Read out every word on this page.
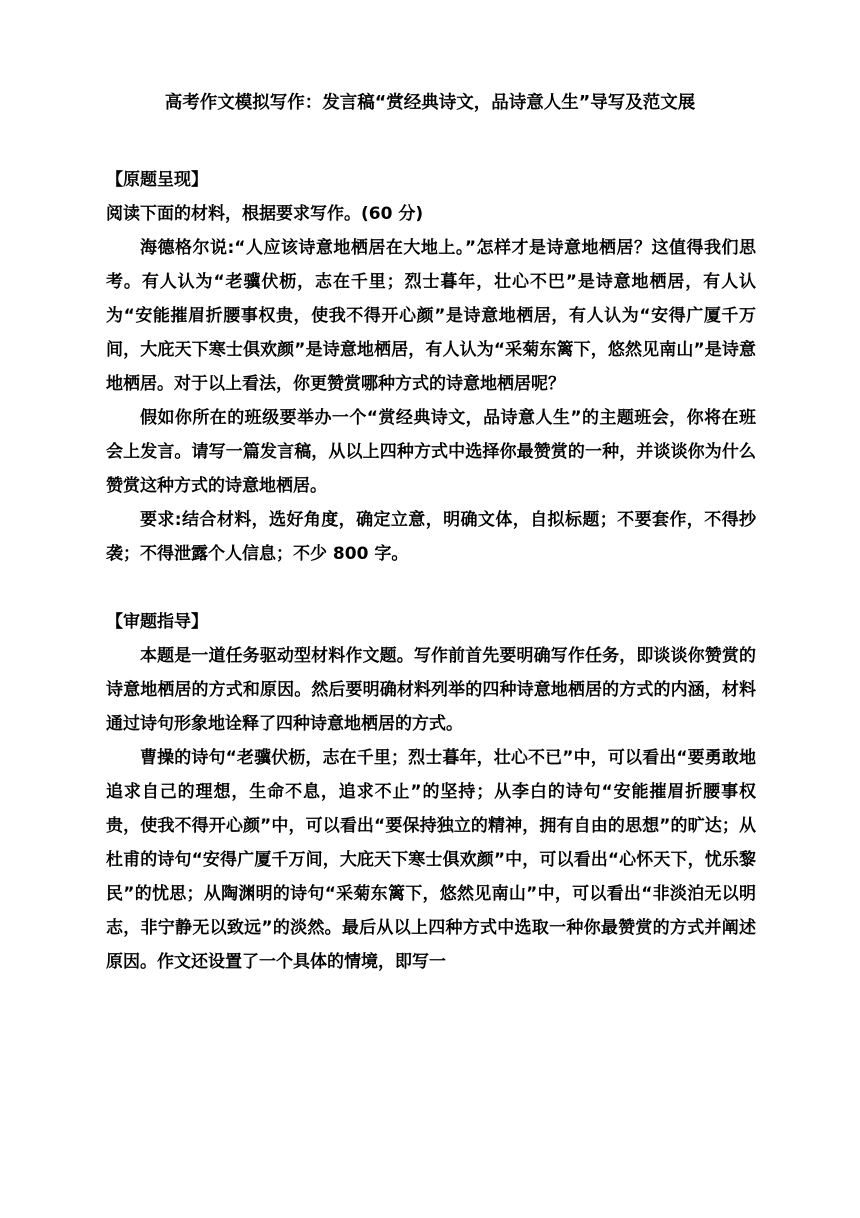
高考作文模拟写作：发言稿“赏经典诗文，品诗意人生”导写及范文展

【原题呈现】

阅读下面的材料，根据要求写作。(60 分)

海德格尔说:“人应该诗意地栖居在大地上。”怎样才是诗意地栖居？这值得我们思考。有人认为“老骥伏枥，志在千里；烈士暮年，壮心不巴”是诗意地栖居，有人认为“安能摧眉折腰事权贵，使我不得开心颜”是诗意地栖居，有人认为“安得广厦千万间，大庇天下寒士俱欢颜”是诗意地栖居，有人认为“采菊东篱下，悠然见南山”是诗意地栖居。对于以上看法，你更赞赏哪种方式的诗意地栖居呢？

假如你所在的班级要举办一个“赏经典诗文，品诗意人生”的主题班会，你将在班会上发言。请写一篇发言稿，从以上四种方式中选择你最赞赏的一种，并谈谈你为什么赞赏这种方式的诗意地栖居。

要求:结合材料，选好角度，确定立意，明确文体，自拟标题；不要套作，不得抄袭；不得泄露个人信息；不少 800 字。

【审题指导】

本题是一道任务驱动型材料作文题。写作前首先要明确写作任务，即谈谈你赞赏的诗意地栖居的方式和原因。然后要明确材料列举的四种诗意地栖居的方式的内涵，材料通过诗句形象地诠释了四种诗意地栖居的方式。

曹操的诗句“老骥伏枥，志在千里；烈士暮年，壮心不已”中，可以看出“要勇敢地追求自己的理想，生命不息，追求不止”的坚持；从李白的诗句“安能摧眉折腰事权贵，使我不得开心颜”中，可以看出“要保持独立的精神，拥有自由的思想”的旷达；从杜甫的诗句“安得广厦千万间，大庇天下寒士俱欢颜”中，可以看出“心怀天下，忧乐黎民”的忧思；从陶渊明的诗句“采菊东篱下，悠然见南山”中，可以看出“非淡泊无以明志，非宁静无以致远”的淡然。最后从以上四种方式中选取一种你最赞赏的方式并阐述原因。作文还设置了一个具体的情境，即写一
